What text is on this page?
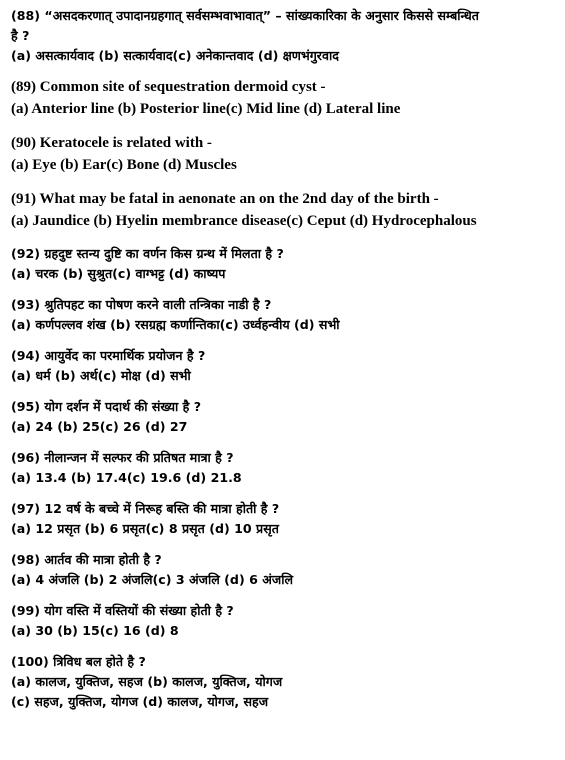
(88) “असदकरणात् उपादानग्रहगात् सर्वसम्भवाभावात्” – सांख्यकारिका के अनुसार किससे सम्बन्धित
है ?
(a) असत्कार्यवाद (b) सत्कार्यवाद(c) अनेकान्तवाद (d) क्षणभंगुरवाद
(89) Common site of sequestration dermoid cyst -
(a) Anterior line (b) Posterior line(c) Mid line (d) Lateral line
(90) Keratocele is related with -
(a) Eye (b) Ear(c) Bone (d) Muscles
(91) What may be fatal in aenonate an on the 2nd day of the birth -
(a) Jaundice (b) Hyelin membrance disease(c) Ceput (d) Hydrocephalous
(92) ग्रहदुष्ट स्तन्य दुष्टि का वर्णन किस ग्रन्थ में मिलता है ?
(a) चरक (b) सुश्रुत(c) वाग्भट्ट (d) काष्यप
(93) श्रुतिपहट का पोषण करने वाली तन्त्रिका नाडी है ?
(a) कर्णपल्लव शंख (b) रसग्रह्म कर्णान्तिका(c) उर्ध्वहन्वीय (d) सभी
(94) आयुर्वेद का परमार्थिक प्रयोजन है ?
(a) धर्म (b) अर्थ(c) मोक्ष (d) सभी
(95) योग दर्शन में पदार्थ की संख्या है ?
(a) 24 (b) 25(c) 26 (d) 27
(96) नीलान्जन में सल्फर की प्रतिषत मात्रा है ?
(a) 13.4 (b) 17.4(c) 19.6 (d) 21.8
(97) 12 वर्ष के बच्चे में निरूह बस्ति की मात्रा होती है ?
(a) 12 प्रसृत (b) 6 प्रसृत(c) 8 प्रसृत (d) 10 प्रसृत
(98) आर्तव की मात्रा होती है ?
(a) 4 अंजलि (b) 2 अंजलि(c) 3 अंजलि (d) 6 अंजलि
(99) योग वस्ति में वस्तियों की संख्या होती है ?
(a) 30 (b) 15(c) 16 (d) 8
(100) त्रिविध बल होते है ?
(a) कालज, युक्तिज, सहज (b) कालज, युक्तिज, योगज
(c) सहज, युक्तिज, योगज (d) कालज, योगज, सहज
